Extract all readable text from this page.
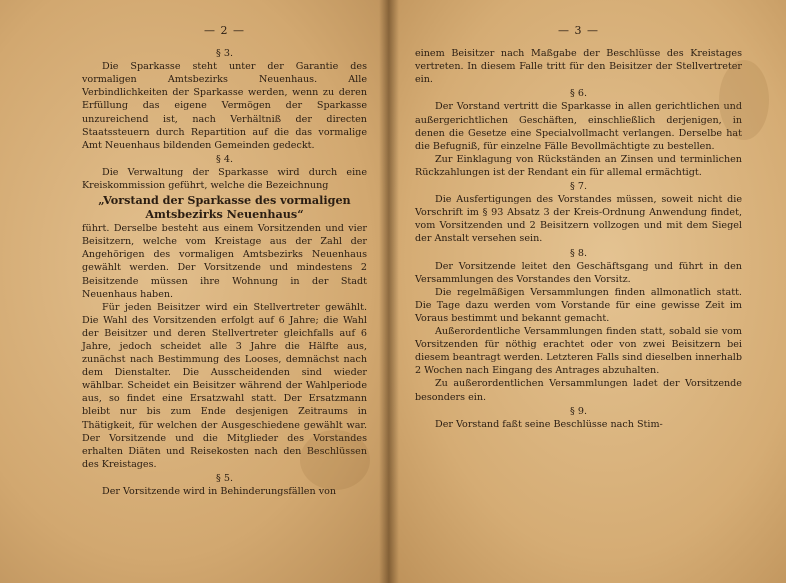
— 2 —
§ 3.

Die Sparkasse steht unter der Garantie des vormaligen Amtsbezirks Neuenhaus. Alle Verbindlichkeiten der Sparkasse werden, wenn zu deren Erfüllung das eigene Vermögen der Sparkasse unzureichend ist, nach Verhältniß der directen Staatssteuern durch Repartition auf die das vormalige Amt Neuenhaus bildenden Gemeinden gedeckt.

§ 4.

Die Verwaltung der Sparkasse wird durch eine Kreiskommission geführt, welche die Bezeichnung

„Vorstand der Sparkasse des vormaligen Amtsbezirks Neuenhaus“

führt. Derselbe besteht aus einem Vorsitzenden und vier Beisitzern, welche vom Kreistage aus der Zahl der Angehörigen des vormaligen Amtsbezirks Neuenhaus gewählt werden. Der Vorsitzende und mindestens 2 Beisitzende müssen ihre Wohnung in der Stadt Neuenhaus haben.

Für jeden Beisitzer wird ein Stellvertreter gewählt. Die Wahl des Vorsitzenden erfolgt auf 6 Jahre; die Wahl der Beisitzer und deren Stellvertreter gleichfalls auf 6 Jahre, jedoch scheidet alle 3 Jahre die Hälfte aus, zunächst nach Bestimmung des Looses, demnächst nach dem Dienstalter. Die Ausscheidenden sind wieder wählbar. Scheidet ein Beisitzer während der Wahlperiode aus, so findet eine Ersatzwahl statt. Der Ersatzmann bleibt nur bis zum Ende desjenigen Zeitraums in Thätigkeit, für welchen der Ausgeschiedene gewählt war. Der Vorsitzende und die Mitglieder des Vorstandes erhalten Diäten und Reisekosten nach den Beschlüssen des Kreistages.

§ 5.

Der Vorsitzende wird in Behinderungsfällen von

— 3 —

einem Beisitzer nach Maßgabe der Beschlüsse des Kreistages vertreten. In diesem Falle tritt für den Beisitzer der Stellvertreter ein.

§ 6.

Der Vorstand vertritt die Sparkasse in allen gerichtlichen und außergerichtlichen Geschäften, einschließlich derjenigen, in denen die Gesetze eine Specialvollmacht verlangen. Derselbe hat die Befugniß, für einzelne Fälle Bevollmächtigte zu bestellen.

Zur Einklagung von Rückständen an Zinsen und terminlichen Rückzahlungen ist der Rendant ein für allemal ermächtigt.

§ 7.

Die Ausfertigungen des Vorstandes müssen, soweit nicht die Vorschrift im § 93 Absatz 3 der Kreis-Ordnung Anwendung findet, vom Vorsitzenden und 2 Beisitzern vollzogen und mit dem Siegel der Anstalt versehen sein.

§ 8.

Der Vorsitzende leitet den Geschäftsgang und führt in den Versammlungen des Vorstandes den Vorsitz.

Die regelmäßigen Versammlungen finden allmonatlich statt. Die Tage dazu werden vom Vorstande für eine gewisse Zeit im Voraus bestimmt und bekannt gemacht.

Außerordentliche Versammlungen finden statt, sobald sie vom Vorsitzenden für nöthig erachtet oder von zwei Beisitzern bei diesem beantragt werden. Letzteren Falls sind dieselben innerhalb 2 Wochen nach Eingang des Antrages abzuhalten.

Zu außerordentlichen Versammlungen ladet der Vorsitzende besonders ein.

§ 9.

Der Vorstand faßt seine Beschlüsse nach Stim-
